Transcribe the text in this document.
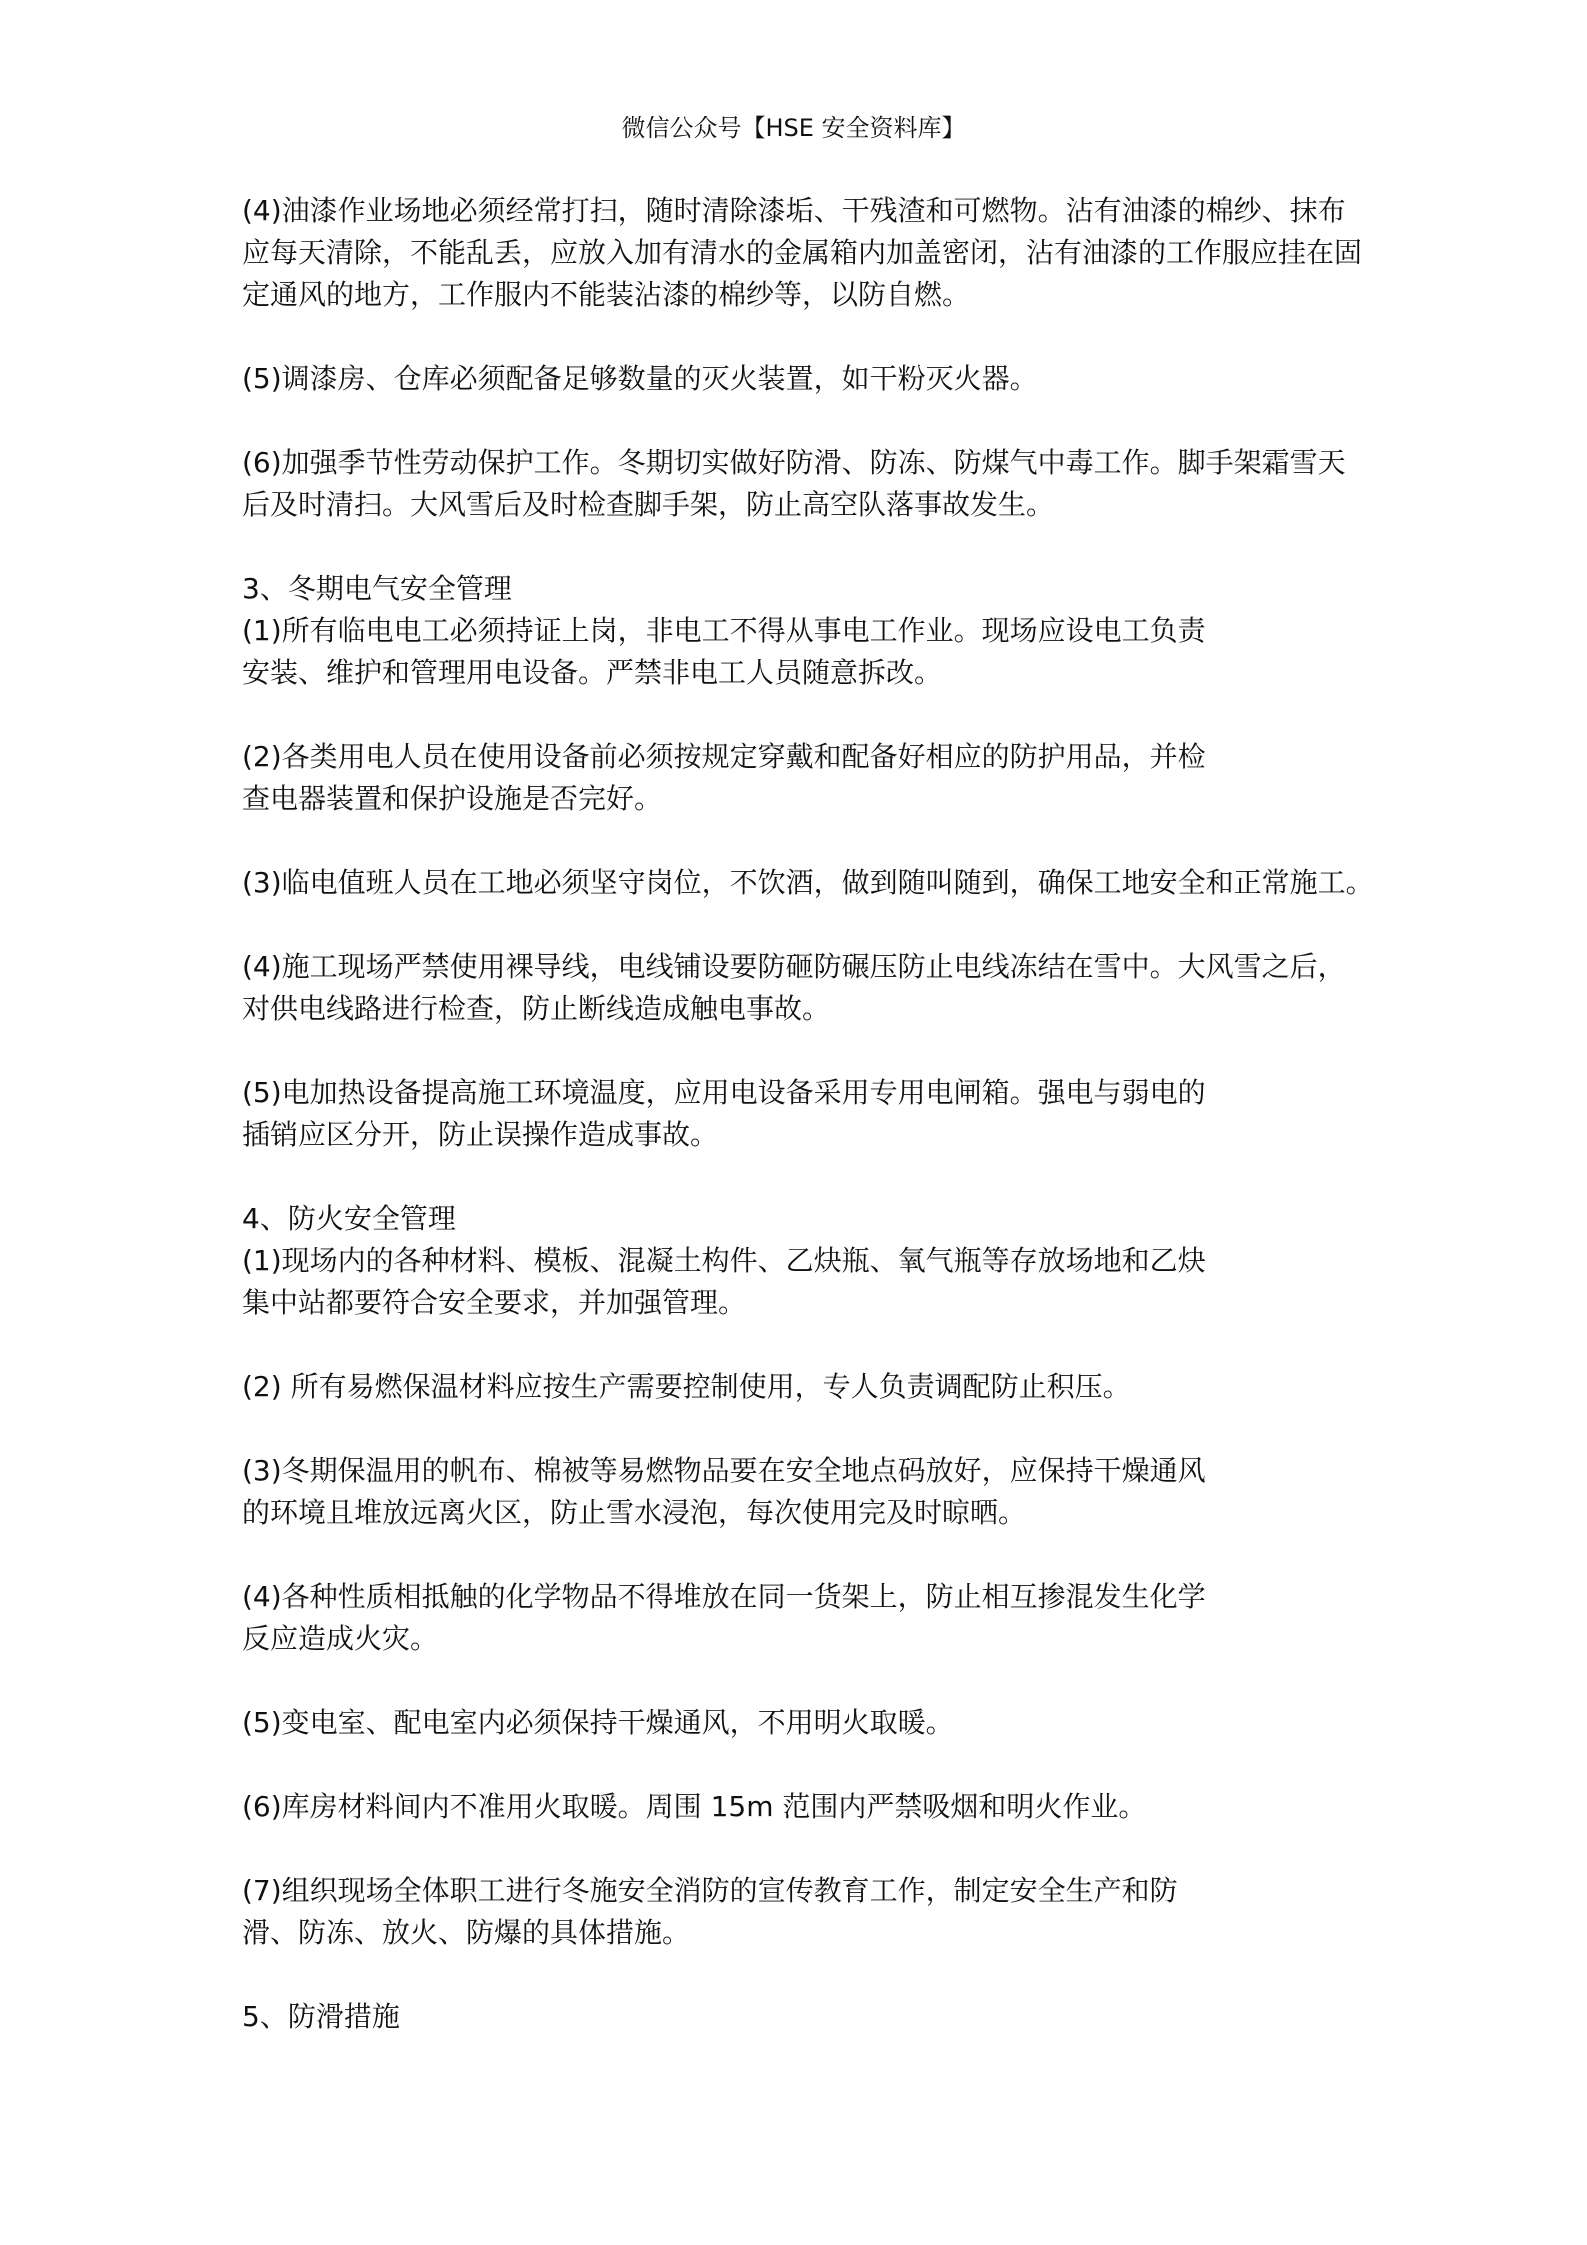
微信公众号【HSE 安全资料库】
(4)油漆作业场地必须经常打扫，随时清除漆垢、干残渣和可燃物。沾有油漆的棉纱、抹布
应每天清除，不能乱丢，应放入加有清水的金属箱内加盖密闭，沾有油漆的工作服应挂在固
定通风的地方，工作服内不能装沾漆的棉纱等，以防自燃。
(5)调漆房、仓库必须配备足够数量的灭火装置，如干粉灭火器。
(6)加强季节性劳动保护工作。冬期切实做好防滑、防冻、防煤气中毒工作。脚手架霜雪天
后及时清扫。大风雪后及时检查脚手架，防止高空队落事故发生。
3、冬期电气安全管理
(1)所有临电电工必须持证上岗，非电工不得从事电工作业。现场应设电工负责
安装、维护和管理用电设备。严禁非电工人员随意拆改。
(2)各类用电人员在使用设备前必须按规定穿戴和配备好相应的防护用品，并检
查电器装置和保护设施是否完好。
(3)临电值班人员在工地必须坚守岗位，不饮酒，做到随叫随到，确保工地安全和正常施工。
(4)施工现场严禁使用裸导线，电线铺设要防砸防碾压防止电线冻结在雪中。大风雪之后，
对供电线路进行检查，防止断线造成触电事故。
(5)电加热设备提高施工环境温度，应用电设备采用专用电闸箱。强电与弱电的
插销应区分开，防止误操作造成事故。
4、防火安全管理
(1)现场内的各种材料、模板、混凝土构件、乙炔瓶、氧气瓶等存放场地和乙炔
集中站都要符合安全要求，并加强管理。
(2) 所有易燃保温材料应按生产需要控制使用，专人负责调配防止积压。
(3)冬期保温用的帆布、棉被等易燃物品要在安全地点码放好，应保持干燥通风
的环境且堆放远离火区，防止雪水浸泡，每次使用完及时晾晒。
(4)各种性质相抵触的化学物品不得堆放在同一货架上，防止相互掺混发生化学
反应造成火灾。
(5)变电室、配电室内必须保持干燥通风，不用明火取暖。
(6)库房材料间内不准用火取暖。周围 15m 范围内严禁吸烟和明火作业。
(7)组织现场全体职工进行冬施安全消防的宣传教育工作，制定安全生产和防
滑、防冻、放火、防爆的具体措施。
5、防滑措施
